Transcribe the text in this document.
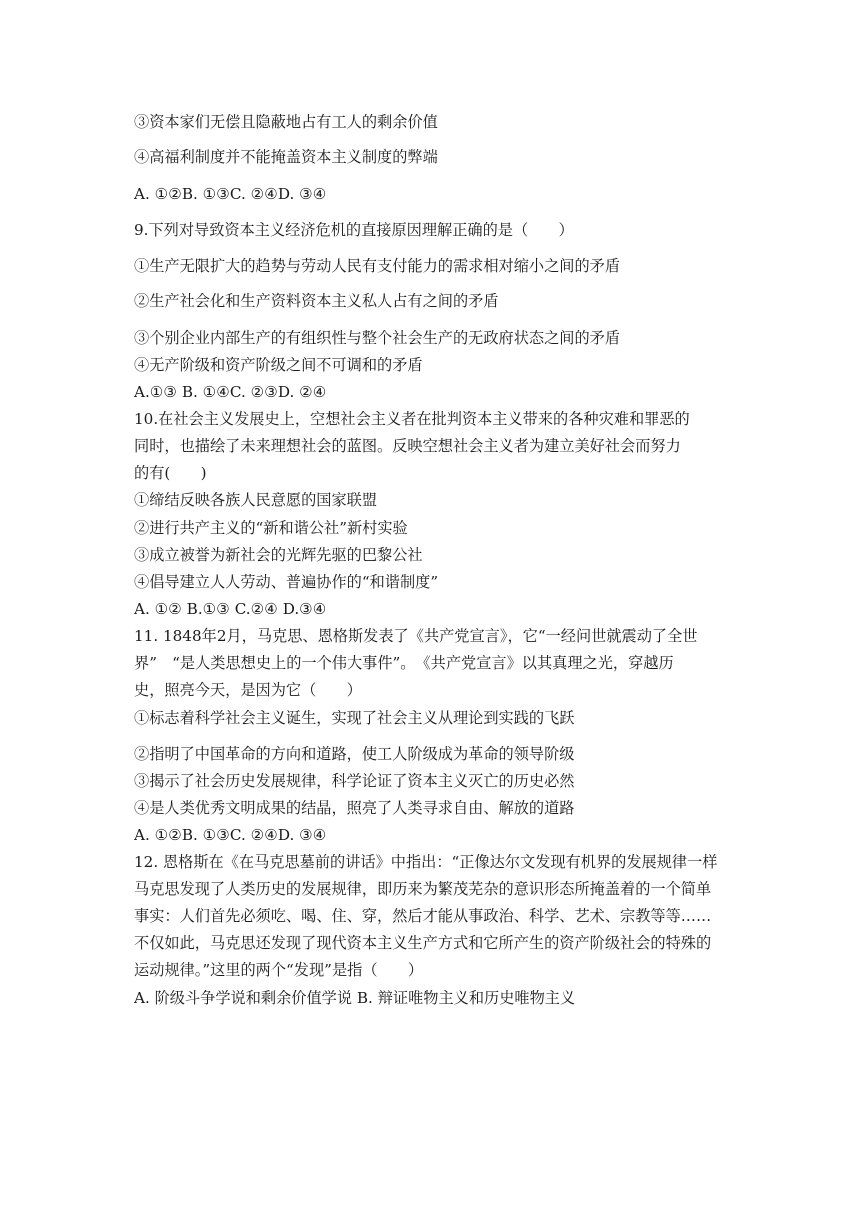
③资本家们无偿且隐蔽地占有工人的剩余价值
④高福利制度并不能掩盖资本主义制度的弊端
A. ①②B. ①③C. ②④D. ③④
9.下列对导致资本主义经济危机的直接原因理解正确的是（　　）
①生产无限扩大的趋势与劳动人民有支付能力的需求相对缩小之间的矛盾
②生产社会化和生产资料资本主义私人占有之间的矛盾
③个别企业内部生产的有组织性与整个社会生产的无政府状态之间的矛盾
④无产阶级和资产阶级之间不可调和的矛盾
A.①③ B. ①④C. ②③D. ②④
10.在社会主义发展史上，空想社会主义者在批判资本主义带来的各种灾难和罪恶的
同时，也描绘了未来理想社会的蓝图。反映空想社会主义者为建立美好社会而努力
的有(　　)
①缔结反映各族人民意愿的国家联盟
②进行共产主义的“新和谐公社”新村实验
③成立被誉为新社会的光辉先驱的巴黎公社
④倡导建立人人劳动、普遍协作的“和谐制度”
A. ①② B.①③ C.②④ D.③④
11. 1848年2月，马克思、恩格斯发表了《共产党宣言》，它“一经问世就震动了全世
界”　“是人类思想史上的一个伟大事件”。　《共产党宣言》以其真理之光，穿越历
史，照亮今天，是因为它（　　）
①标志着科学社会主义诞生，实现了社会主义从理论到实践的飞跃
②指明了中国革命的方向和道路，使工人阶级成为革命的领导阶级
③揭示了社会历史发展规律，科学论证了资本主义灭亡的历史必然
④是人类优秀文明成果的结晶，照亮了人类寻求自由、解放的道路
A. ①②B. ①③C. ②④D. ③④
12. 恩格斯在《在马克思墓前的讲话》中指出：“正像达尔文发现有机界的发展规律一样
马克思发现了人类历史的发展规律，即历来为繁茂芜杂的意识形态所掩盖着的一个简单
事实：人们首先必须吃、喝、住、穿，然后才能从事政治、科学、艺术、宗教等等……
不仅如此，马克思还发现了现代资本主义生产方式和它所产生的资产阶级社会的特殊的
运动规律。”这里的两个“发现”是指（　　）
A. 阶级斗争学说和剩余价值学说 B. 辩证唯物主义和历史唯物主义
